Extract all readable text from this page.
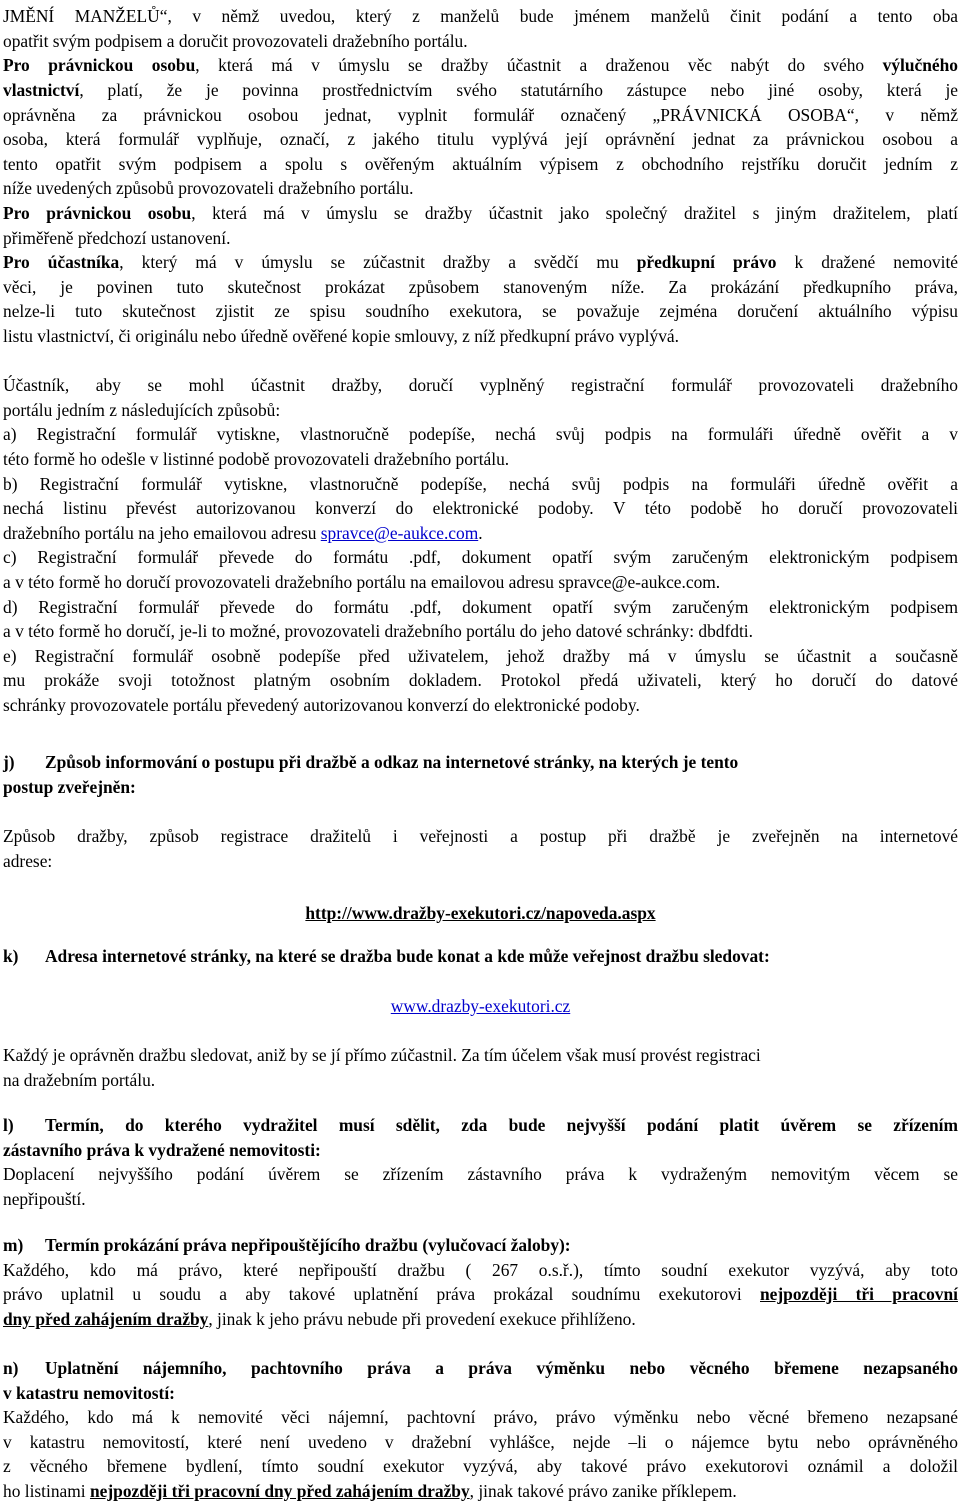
JMĚNÍ MANŽELŮ“, v němž uvedou, který z manželů bude jménem manželů činit podání a tento oba
opatřit svým podpisem a doručit provozovateli dražebního portálu.
Pro právnickou osobu, která má v úmyslu se dražby účastnit a draženou věc nabýt do svého výlučného
vlastnictví, platí, že je povinna prostřednictvím svého statutárního zástupce nebo jiné osoby, která je
oprávněna za právnickou osobou jednat, vyplnit formulář označený „PRÁVNICKÁ OSOBA“, v němž
osoba, která formulář vyplňuje, označí, z jakého titulu vyplývá její oprávnění jednat za právnickou osobou a
tento opatřit svým podpisem a spolu s ověřeným aktuálním výpisem z obchodního rejstříku doručit jedním z
níže uvedených způsobů provozovateli dražebního portálu.
Pro právnickou osobu, která má v úmyslu se dražby účastnit jako společný dražitel s jiným dražitelem, platí
přiměřeně předchozí ustanovení.
Pro účastníka, který má v úmyslu se zúčastnit dražby a svědčí mu předkupní právo k dražené nemovité
věci, je povinen tuto skutečnost prokázat způsobem stanoveným níže. Za prokázání předkupního práva,
nelze-li tuto skutečnost zjistit ze spisu soudního exekutora, se považuje zejména doručení aktuálního výpisu
listu vlastnictví, či originálu nebo úředně ověřené kopie smlouvy, z níž předkupní právo vyplývá.
Účastník, aby se mohl účastnit dražby, doručí vyplněný registrační formulář provozovateli dražebního
portálu jedním z následujících způsobů:
a) Registrační formulář vytiskne, vlastnoručně podepíše, nechá svůj podpis na formuláři úředně ověřit a v
této formě ho odešle v listinné podobě provozovateli dražebního portálu.
b) Registrační formulář vytiskne, vlastnoručně podepíše, nechá svůj podpis na formuláři úředně ověřit a
nechá listinu převést autorizovanou konverzí do elektronické podoby. V této podobě ho doručí provozovateli
dražebního portálu na jeho emailovou adresu spravce@e-aukce.com.
c) Registrační formulář převede do formátu .pdf, dokument opatří svým zaručeným elektronickým podpisem
a v této formě ho doručí provozovateli dražebního portálu na emailovou adresu spravce@e-aukce.com.
d) Registrační formulář převede do formátu .pdf, dokument opatří svým zaručeným elektronickým podpisem
a v této formě ho doručí, je-li to možné, provozovateli dražebního portálu do jeho datové schránky: dbdfdti.
e) Registrační formulář osobně podepíše před uživatelem, jehož dražby má v úmyslu se účastnit a současně
mu prokáže svoji totožnost platným osobním dokladem. Protokol předá uživateli, který ho doručí do datové
schránky provozovatele portálu převedený autorizovanou konverzí do elektronické podoby.
j) Způsob informování o postupu při dražbě a odkaz na internetové stránky, na kterých je tento
postup zveřejněn:
Způsob dražby, způsob registrace dražitelů i veřejnosti a postup při dražbě je zveřejněn na internetové
adrese:
http://www.dražby-exekutori.cz/napoveda.aspx
k) Adresa internetové stránky, na které se dražba bude konat a kde může veřejnost dražbu sledovat:
www.drazby-exekutori.cz
Každý je oprávněn dražbu sledovat, aniž by se jí přímo zúčastnil. Za tím účelem však musí provést registraci
na dražebním portálu.
l) Termín, do kterého vydražitel musí sdělit, zda bude nejvyšší podání platit úvěrem se zřízením
zástavního práva k vydražené nemovitosti:
Doplacení nejvyššího podání úvěrem se zřízením zástavního práva k vydraženým nemovitým věcem se
nepřipouští.
m) Termín prokázání práva nepřipouštějícího dražbu (vylučovací žaloby):
Každého, kdo má právo, které nepřipouští dražbu ( 267 o.s.ř.), tímto soudní exekutor vyzývá, aby toto
právo uplatnil u soudu a aby takové uplatnění práva prokázal soudnímu exekutorovi nejpozději tři pracovní
dny před zahájením dražby, jinak k jeho právu nebude při provedení exekuce přihlíženo.
n) Uplatnění nájemního, pachtovního práva a práva výměnku nebo věcného břemene nezapsaného
v katastru nemovitostí:
Každého, kdo má k nemovité věci nájemní, pachtovní právo, právo výměnku nebo věcné břemeno nezapsané
v katastru nemovitostí, které není uvedeno v dražební vyhlášce, nejde –li o nájemce bytu nebo oprávněného
z věcného břemene bydlení, tímto soudní exekutor vyzývá, aby takové právo exekutorovi oznámil a doložil
ho listinami nejpozději tři pracovní dny před zahájením dražby, jinak takové právo zanike příklepem.
